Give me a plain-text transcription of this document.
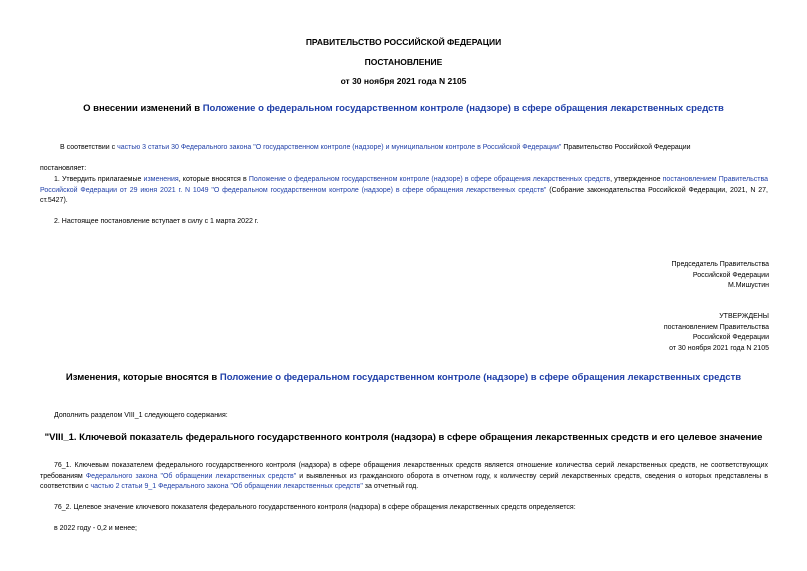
ПРАВИТЕЛЬСТВО РОССИЙСКОЙ ФЕДЕРАЦИИ
ПОСТАНОВЛЕНИЕ
от 30 ноября 2021 года N 2105
О внесении изменений в Положение о федеральном государственном контроле (надзоре) в сфере обращения лекарственных средств
В соответствии с частью 3 статьи 30 Федерального закона "О государственном контроле (надзоре) и муниципальном контроле в Российской Федерации" Правительство Российской Федерации
постановляет:
1. Утвердить прилагаемые изменения, которые вносятся в Положение о федеральном государственном контроле (надзоре) в сфере обращения лекарственных средств, утвержденное постановлением Правительства Российской Федерации от 29 июня 2021 г. N 1049 "О федеральном государственном контроле (надзоре) в сфере обращения лекарственных средств" (Собрание законодательства Российской Федерации, 2021, N 27, ст.5427).
2. Настоящее постановление вступает в силу с 1 марта 2022 г.
Председатель Правительства
Российской Федерации
М.Мишустин
УТВЕРЖДЕНЫ
постановлением Правительства
Российской Федерации
от 30 ноября 2021 года N 2105
Изменения, которые вносятся в Положение о федеральном государственном контроле (надзоре) в сфере обращения лекарственных средств
Дополнить разделом VIII_1 следующего содержания:
"VIII_1. Ключевой показатель федерального государственного контроля (надзора) в сфере обращения лекарственных средств и его целевое значение
76_1. Ключевым показателем федерального государственного контроля (надзора) в сфере обращения лекарственных средств является отношение количества серий лекарственных средств, не соответствующих требованиям Федерального закона "Об обращении лекарственных средств" и выявленных из гражданского оборота в отчетном году, к количеству серий лекарственных средств, сведения о которых представлены в соответствии с частью 2 статьи 9_1 Федерального закона "Об обращении лекарственных средств" за отчетный год.
76_2. Целевое значение ключевого показателя федерального государственного контроля (надзора) в сфере обращения лекарственных средств определяется:
в 2022 году - 0,2 и менее;
